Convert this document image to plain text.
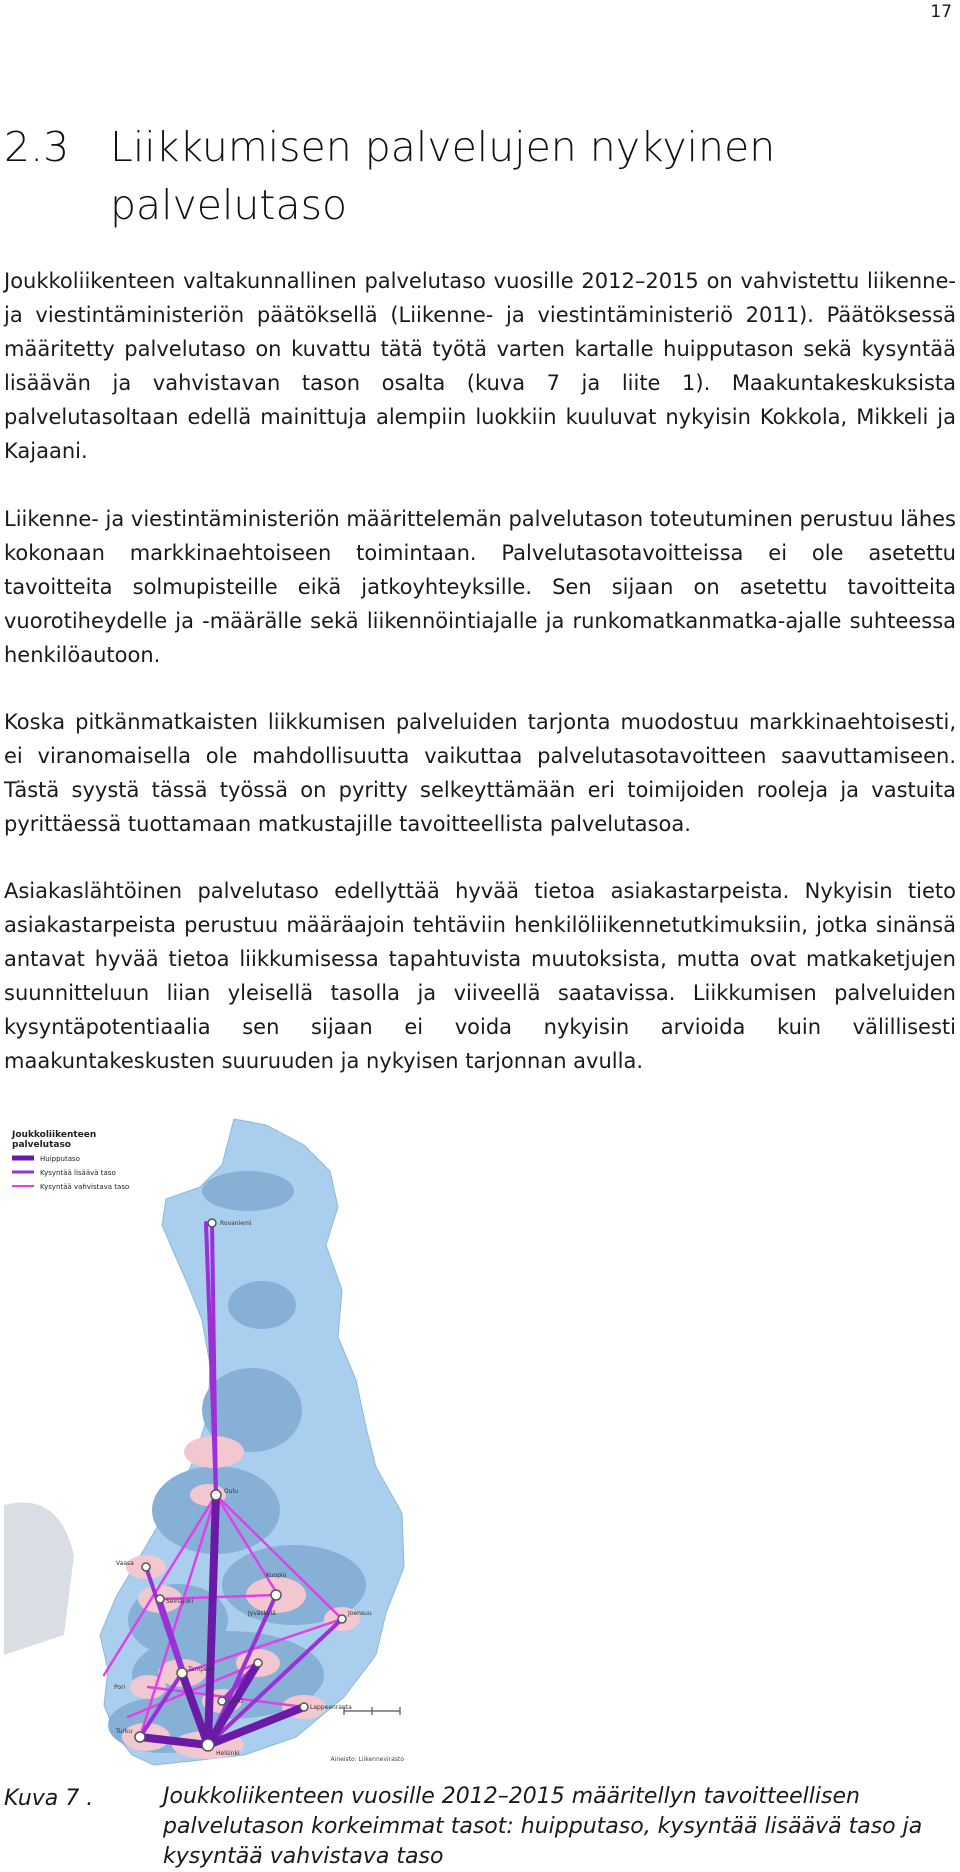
17
2.3 Liikkumisen palvelujen nykyinen palvelutaso

Joukkoliikenteen valtakunnallinen palvelutaso vuosille 2012–2015 on vahvistettu liikenne- ja viestintäministeriön päätöksellä (Liikenne- ja viestintäministeriö 2011). Päätöksessä määritetty palvelutaso on kuvattu tätä työtä varten kartalle huipputason sekä kysyntää lisäävän ja vahvistavan tason osalta (kuva 7 ja liite 1). Maakuntakeskuksista palvelutasoltaan edellä mainittuja alempiin luokkiin kuuluvat nykyisin Kokkola, Mikkeli ja Kajaani.

Liikenne- ja viestintäministeriön määrittelemän palvelutason toteutuminen perustuu lähes kokonaan markkinaehtoiseen toimintaan. Palvelutasotavoitteissa ei ole asetettu tavoitteita solmupisteille eikä jatkoyhteyksille. Sen sijaan on asetettu tavoitteita vuorotiheydelle ja -määrälle sekä liikennöintiajalle ja runkomatkanmatka-ajalle suhteessa henkilöautoon.

Koska pitkänmatkaisten liikkumisen palveluiden tarjonta muodostuu markkinaehtoisesti, ei viranomaisella ole mahdollisuutta vaikuttaa palvelutasotavoitteen saavuttamiseen. Tästä syystä tässä työssä on pyritty selkeyttämään eri toimijoiden rooleja ja vastuita pyrittäessä tuottamaan matkustajille tavoitteellista palvelutasoa.

Asiakaslähtöinen palvelutaso edellyttää hyvää tietoa asiakastarpeista. Nykyisin tieto asiakastarpeista perustuu määräajoin tehtäviin henkilöliikennetutkimuksiin, jotka sinänsä antavat hyvää tietoa liikkumisessa tapahtuvista muutoksista, mutta ovat matkaketjujen suunnitteluun liian yleisellä tasolla ja viiveellä saatavissa. Liikkumisen palveluiden kysyntäpotentiaalia sen sijaan ei voida nykyisin arvioida kuin välillisesti maakuntakeskusten suuruuden ja nykyisen tarjonnan avulla.

Joukkoliikenteen palvelutaso
Huipputaso
Kysyntää lisäävä taso
Kysyntää vahvistava taso
Rovaniemi
Oulu
Vaasa
Seinäjoki
Jyväskylä
Kuopio
Joensuu
Tampere
Pori
Turku
Lahti
Lappeenranta
Helsinki
Aineisto: Liikennevirasto
Kuva 7 .	Joukkoliikenteen vuosille 2012–2015 määritellyn tavoitteellisen palvelutason korkeimmat tasot: huipputaso, kysyntää lisäävä taso ja kysyntää vahvistava taso
